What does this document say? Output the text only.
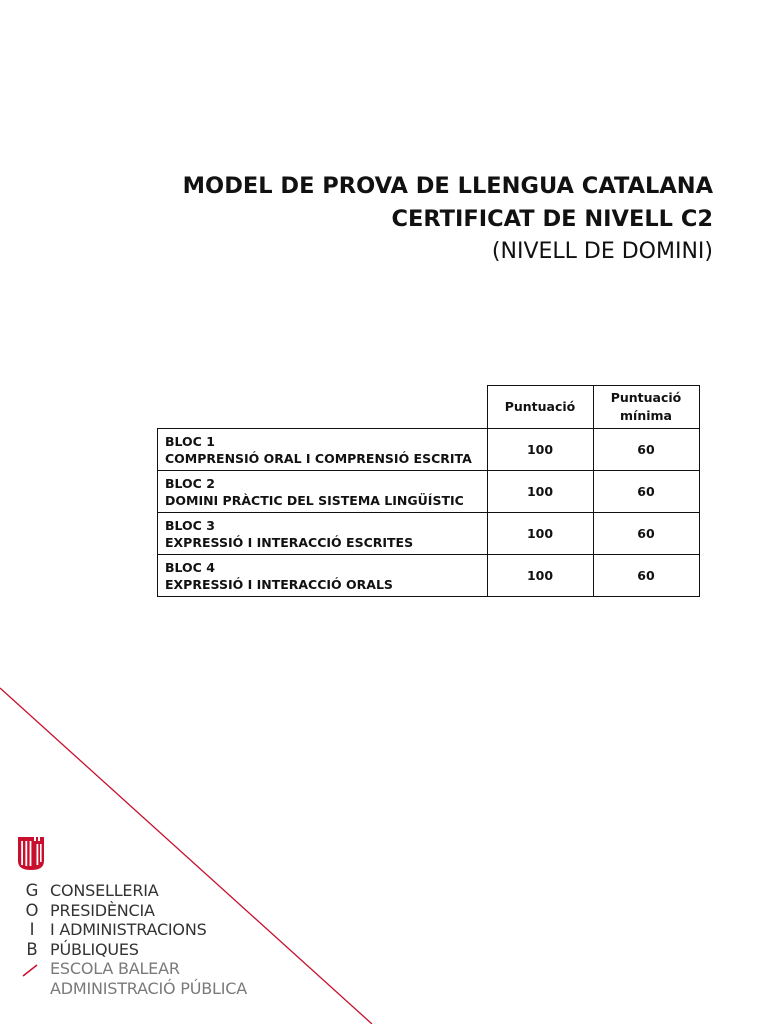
MODEL DE PROVA DE LLENGUA CATALANA
CERTIFICAT DE NIVELL C2
(NIVELL DE DOMINI)
	Puntuació	Puntuació
mínima
BLOC 1
COMPRENSIÓ ORAL I COMPRENSIÓ ESCRITA	100	60
BLOC 2
DOMINI PRÀCTIC DEL SISTEMA LINGÜÍSTIC	100	60
BLOC 3
EXPRESSIÓ I INTERACCIÓ ESCRITES	100	60
BLOC 4
EXPRESSIÓ I INTERACCIÓ ORALS	100	60
G
O
I
B
CONSELLERIA
PRESIDÈNCIA
I ADMINISTRACIONS
PÚBLIQUES
ESCOLA BALEAR
ADMINISTRACIÓ PÚBLICA
